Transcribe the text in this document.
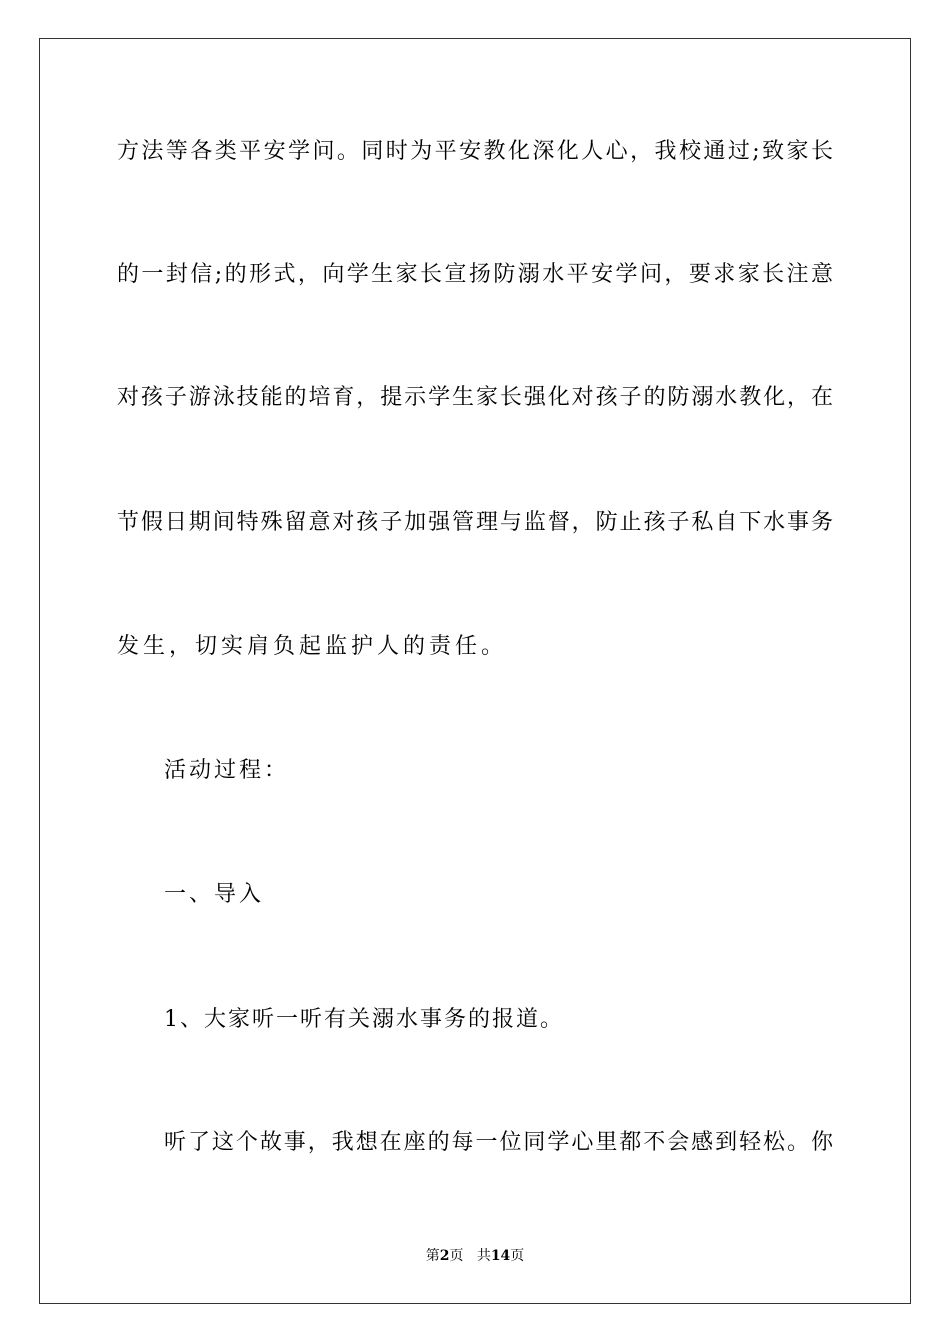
方法等各类平安学问。同时为平安教化深化人心，我校通过;致家长
的一封信;的形式，向学生家长宣扬防溺水平安学问，要求家长注意
对孩子游泳技能的培育，提示学生家长强化对孩子的防溺水教化，在
节假日期间特殊留意对孩子加强管理与监督，防止孩子私自下水事务
发生，切实肩负起监护人的责任。
活动过程：
一、导入
1、大家听一听有关溺水事务的报道。
听了这个故事，我想在座的每一位同学心里都不会感到轻松。你
第2页 共14页
